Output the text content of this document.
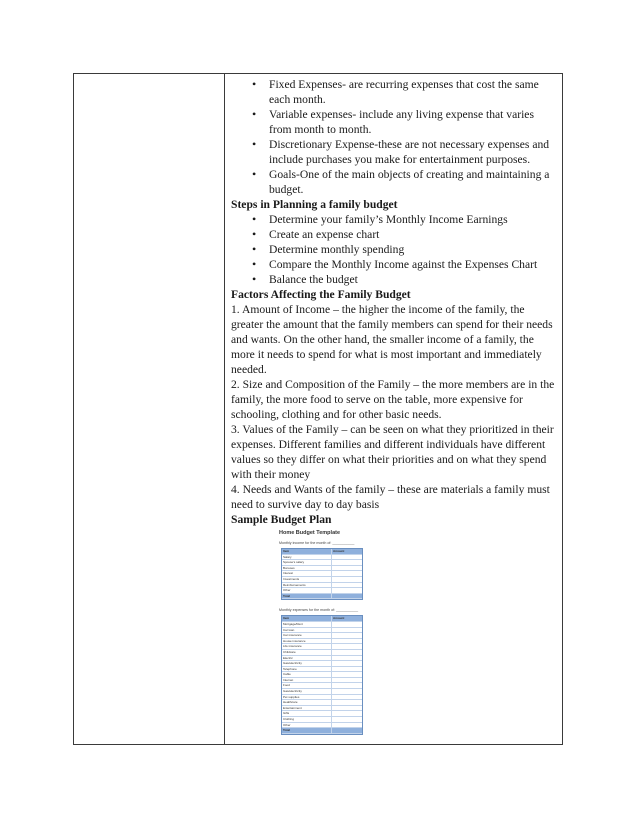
• Fixed Expenses- are recurring expenses that cost the same each month.
• Variable expenses- include any living expense that varies from month to month.
• Discretionary Expense-these are not necessary expenses and include purchases you make for entertainment purposes.
• Goals-One of the main objects of creating and maintaining a budget.
Steps in Planning a family budget
• Determine your family’s Monthly Income Earnings
• Create an expense chart
• Determine monthly spending
• Compare the Monthly Income against the Expenses Chart
• Balance the budget
Factors Affecting the Family Budget

1. Amount of Income – the higher the income of the family, the greater the amount that the family members can spend for their needs and wants. On the other hand, the smaller income of a family, the more it needs to spend for what is most important and immediately needed.

2. Size and Composition of the Family – the more members are in the family, the more food to serve on the table, more expensive for schooling, clothing and for other basic needs.

3. Values of the Family – can be seen on what they prioritized in their expenses. Different families and different individuals have different values so they differ on what their priorities and on what they spend with their money

4. Needs and Wants of the family – these are materials a family must need to survive day to day basis

Sample Budget Plan
Home Budget Template
Monthly income for the month of: ___________
Item	Amount
Salary
Spouse's salary
Bonuses
Interest
Investments
Reimbursements
Other
Total
Monthly expenses for the month of: ___________
Item	Amount
Mortgage/Rent
Car loan
Car insurance
House insurance
Life insurance
Childcare
Electric
Gas/electricity
Telephone
Cable
Internet
Food
Gas/electricity
Pet supplies
Healthcare
Entertainment
Gifts
Clothing
Other
Total
